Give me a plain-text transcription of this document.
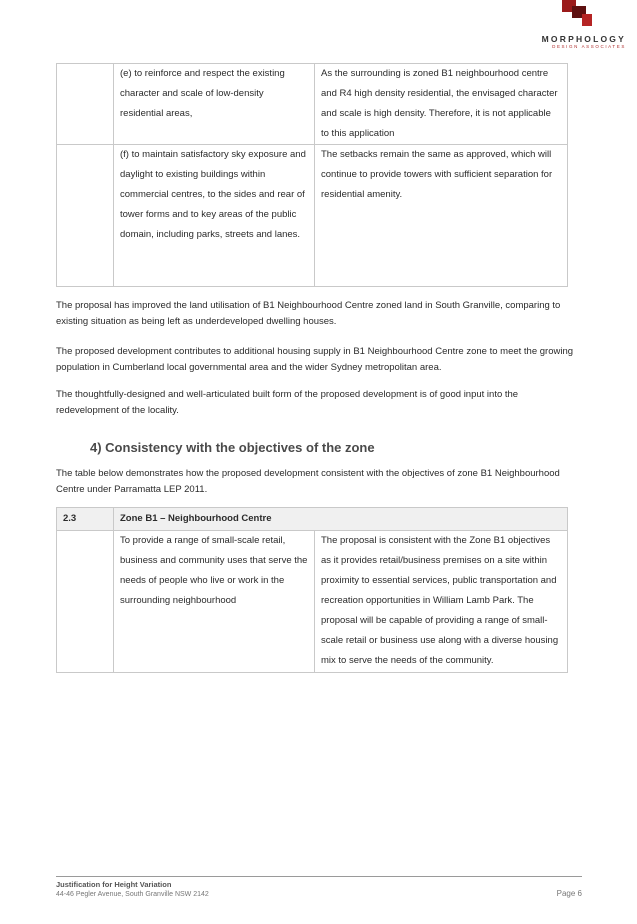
MORPHOLOGY
DESIGN ASSOCIATES
	(e) to reinforce and respect the existing character and scale of low-density residential areas,	As the surrounding is zoned B1 neighbourhood centre and R4 high density residential, the envisaged character and scale is high density. Therefore, it is not applicable to this application
	(f) to maintain satisfactory sky exposure and daylight to existing buildings within commercial centres, to the sides and rear of tower forms and to key areas of the public domain, including parks, streets and lanes.	The setbacks remain the same as approved, which will continue to provide towers with sufficient separation for residential amenity.

The proposal has improved the land utilisation of B1 Neighbourhood Centre zoned land in South Granville, comparing to existing situation as being left as underdeveloped dwelling houses.

The proposed development contributes to additional housing supply in B1 Neighbourhood Centre zone to meet the growing population in Cumberland local governmental area and the wider Sydney metropolitan area.

The thoughtfully-designed and well-articulated built form of the proposed development is of good input into the redevelopment of the locality.

4) Consistency with the objectives of the zone

The table below demonstrates how the proposed development consistent with the objectives of zone B1 Neighbourhood Centre under Parramatta LEP 2011.

2.3	Zone B1 – Neighbourhood Centre	
	To provide a range of small-scale retail, business and community uses that serve the needs of people who live or work in the surrounding neighbourhood	The proposal is consistent with the Zone B1 objectives as it provides retail/business premises on a site within proximity to essential services, public transportation and recreation opportunities in William Lamb Park. The proposal will be capable of providing a range of small-scale retail or business use along with a diverse housing mix to serve the needs of the community.
Justification for Height Variation
44-46 Pegler Avenue, South Granville NSW 2142	Page 6
